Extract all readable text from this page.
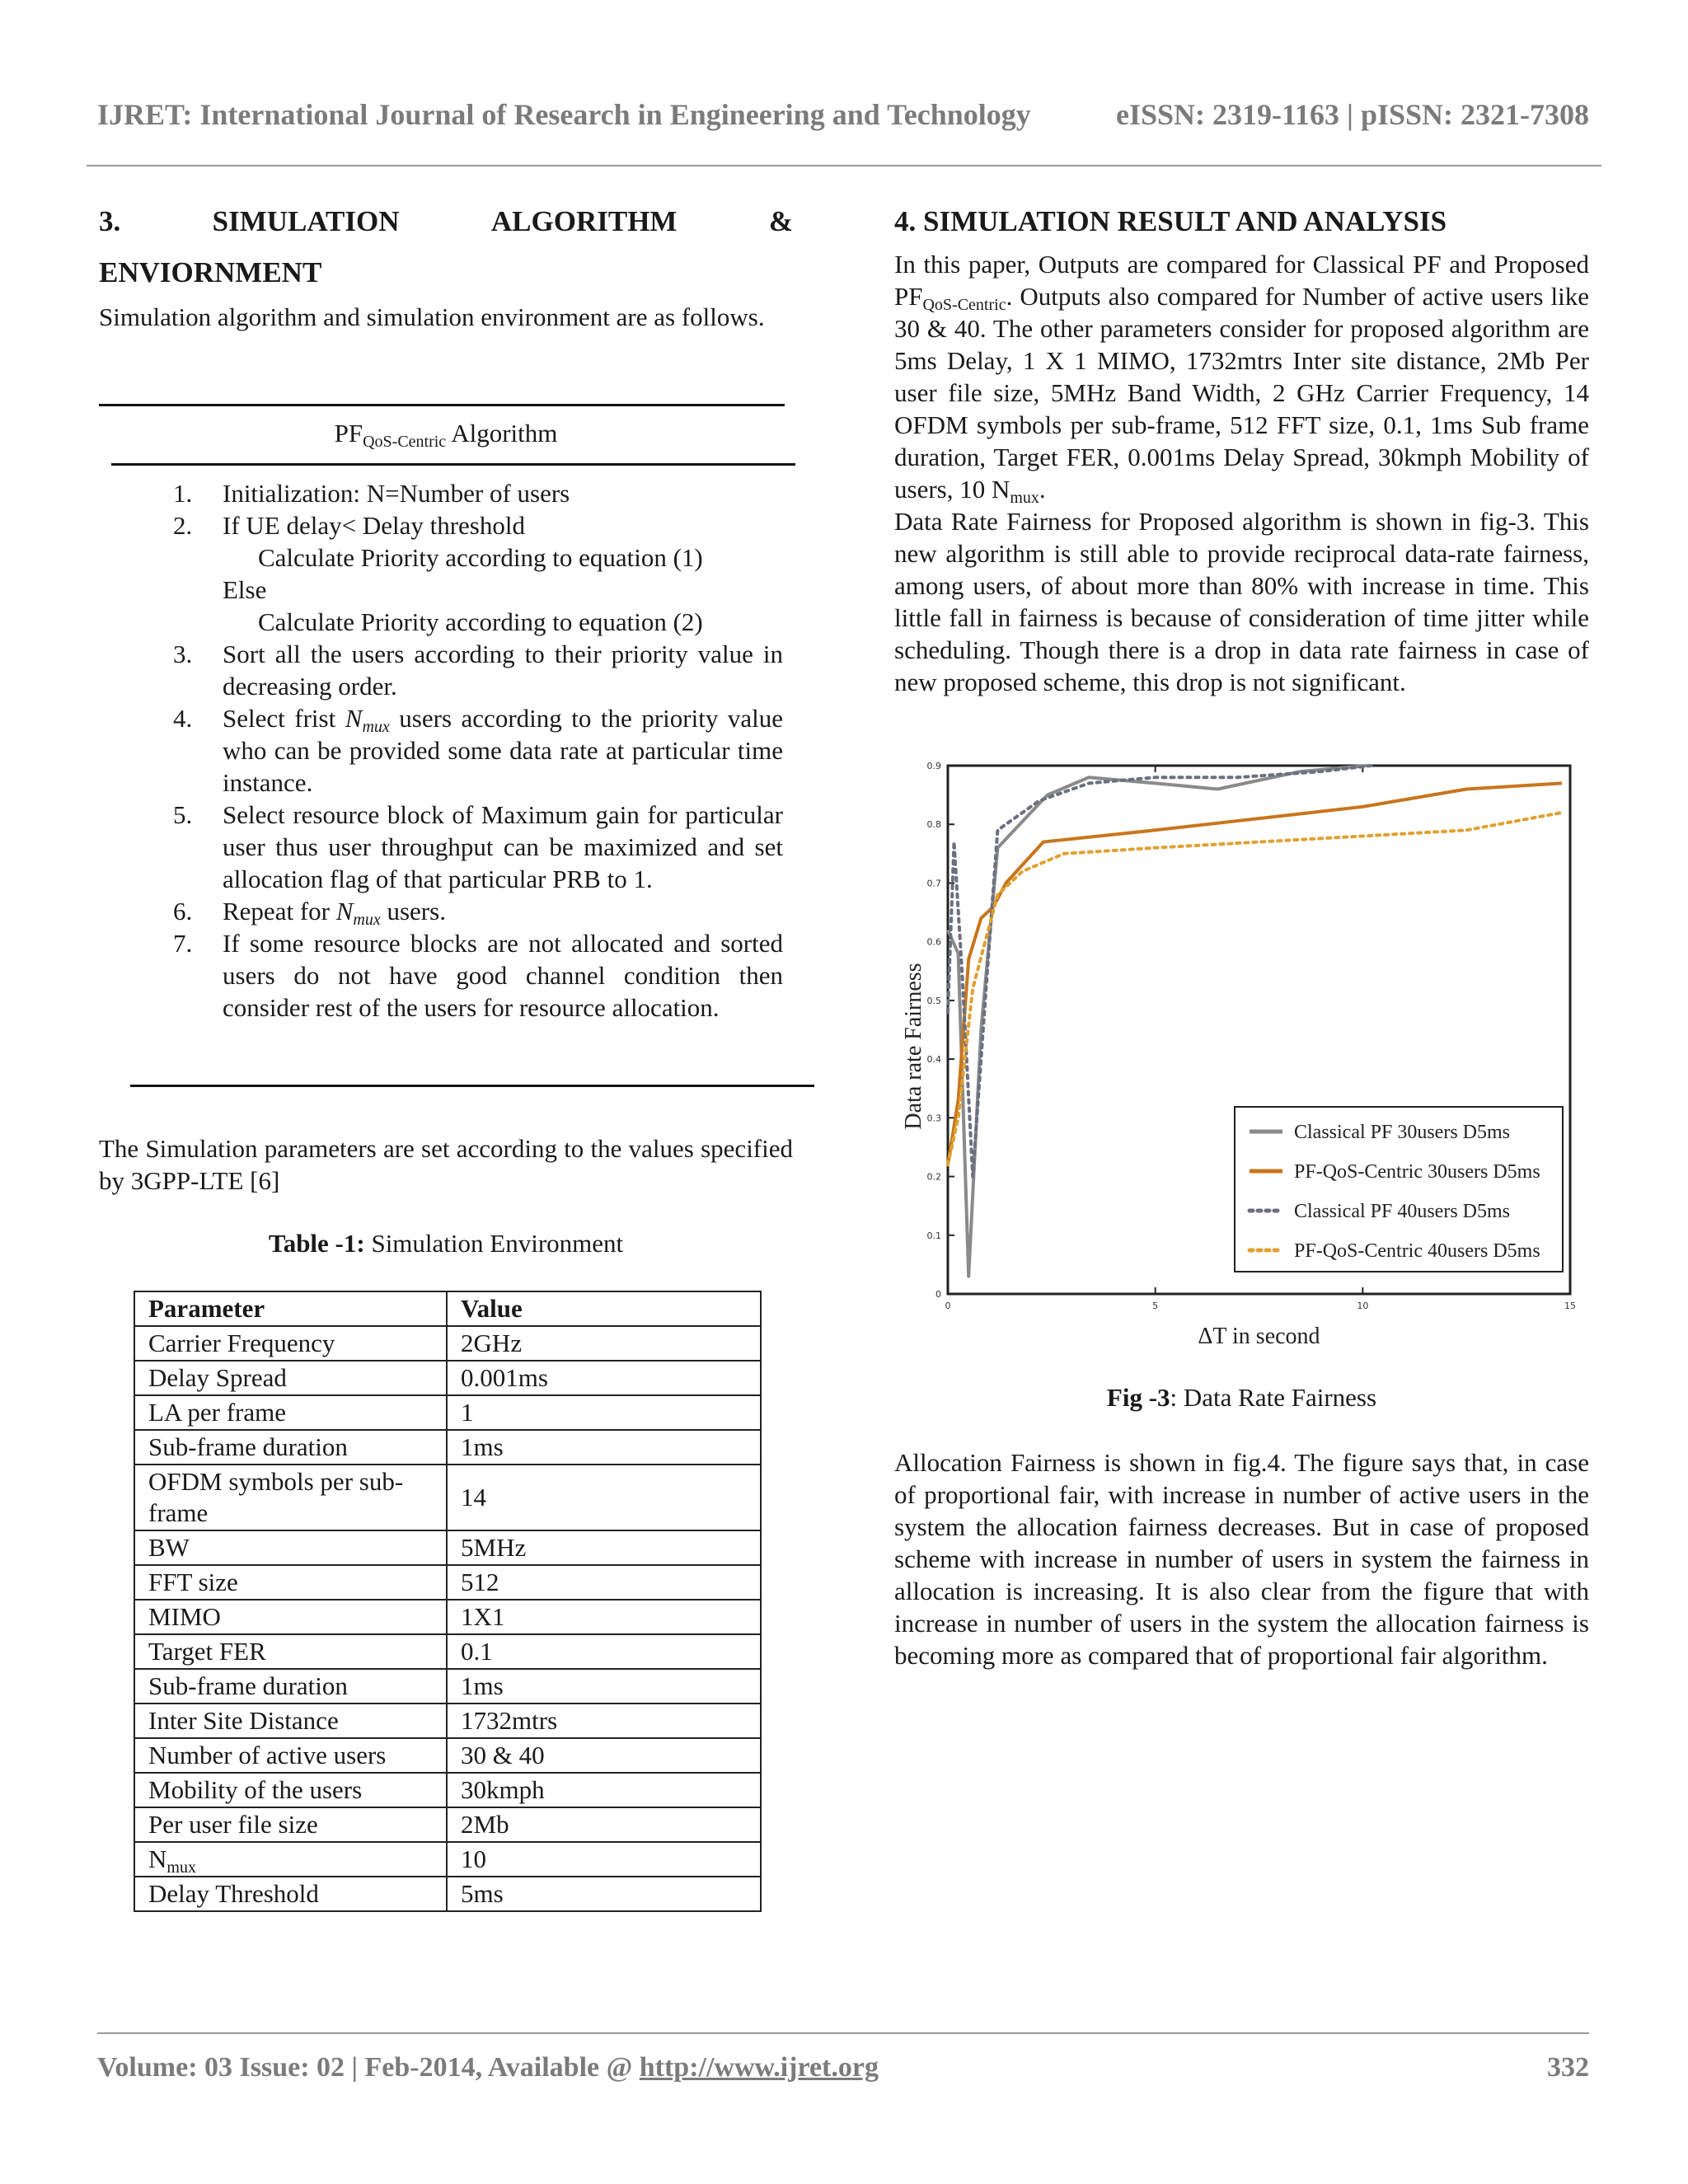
IJRET: International Journal of Research in Engineering and Technology	eISSN: 2319-1163 | pISSN: 2321-7308
3.	SIMULATION	ALGORITHM	&
ENVIORNMENT

Simulation algorithm and simulation environment are as follows.

$PF_{QoS-Centric}$ Algorithm
1. Initialization: N=Number of users
2. If UE delay< Delay threshold
Calculate Priority according to equation (1)
Else
Calculate Priority according to equation (2)
3. Sort all the users according to their priority value in decreasing order.
4. Select frist $N_{mux}$ users according to the priority value who can be provided some data rate at particular time instance.
5. Select resource block of Maximum gain for particular user thus user throughput can be maximized and set allocation flag of that particular PRB to 1.
6. Repeat for $N_{mux}$ users.
7. If some resource blocks are not allocated and sorted users do not have good channel condition then consider rest of the users for resource allocation.
The Simulation parameters are set according to the values specified by 3GPP-LTE [6]
Table -1: Simulation Environment
Parameter	Value
Carrier Frequency	2GHz
Delay Spread	0.001ms
LA per frame	1
Sub-frame duration	1ms
OFDM symbols per sub-frame	14
BW	5MHz
FFT size	512
MIMO	1X1
Target FER	0.1
Sub-frame duration	1ms
Inter Site Distance	1732mtrs
Number of active users	30 & 40
Mobility of the users	30kmph
Per user file size	2Mb
$N_{mux}$	10
Delay Threshold	5ms
4. SIMULATION RESULT AND ANALYSIS

In this paper, Outputs are compared for Classical PF and Proposed $PF_{QoS-Centric}$. Outputs also compared for Number of active users like 30 & 40. The other parameters consider for proposed algorithm are 5ms Delay, 1 X 1 MIMO, 1732mtrs Inter site distance, 2Mb Per user file size, 5MHz Band Width, 2 GHz Carrier Frequency, 14 OFDM symbols per sub-frame, 512 FFT size, 0.1, 1ms Sub frame duration, Target FER, 0.001ms Delay Spread, 30kmph Mobility of users, 10 $N_{mux}$.

Data Rate Fairness for Proposed algorithm is shown in fig-3. This new algorithm is still able to provide reciprocal data-rate fairness, among users, of about more than 80% with increase in time. This little fall in fairness is because of consideration of time jitter while scheduling. Though there is a drop in data rate fairness in case of new proposed scheme, this drop is not significant.

0
0.1
0.2
0.3
0.4
0.5
0.6
0.7
0.8
0.9
0	5	10	15
ΔT in second
Data rate Fairness
Classical PF 30users D5ms
PF-QoS-Centric 30users D5ms
Classical PF 40users D5ms
PF-QoS-Centric 40users D5ms
Fig -3: Data Rate Fairness
Allocation Fairness is shown in fig.4. The figure says that, in case of proportional fair, with increase in number of active users in the system the allocation fairness decreases. But in case of proposed scheme with increase in number of users in system the fairness in allocation is increasing. It is also clear from the figure that with increase in number of users in the system the allocation fairness is becoming more as compared that of proportional fair algorithm.
Volume: 03 Issue: 02 | Feb-2014, Available @ http://www.ijret.org	332
